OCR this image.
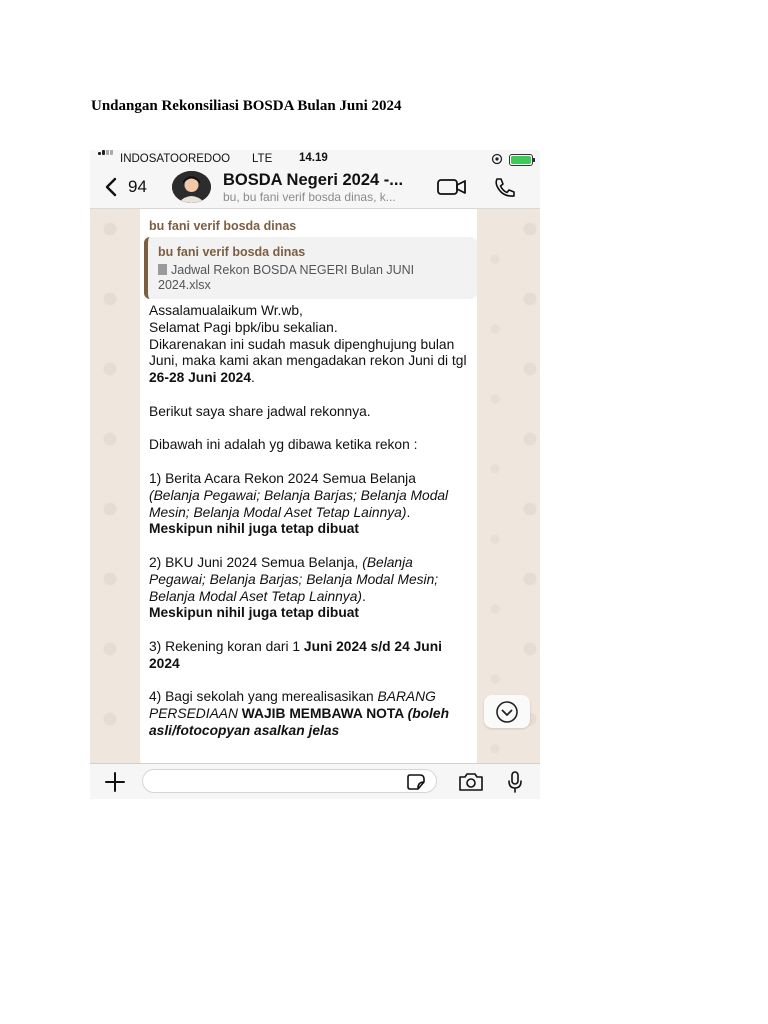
Undangan Rekonsiliasi BOSDA Bulan Juni 2024
INDOSATOOREDOO LTE 14.19
94	BOSDA Negeri 2024 -...
bu, bu fani verif bosda dinas, k...
bu fani verif bosda dinas
bu fani verif bosda dinas
Jadwal Rekon BOSDA NEGERI Bulan JUNI 2024.xlsx

Assalamualaikum Wr.wb,

Selamat Pagi bpk/ibu sekalian.

Dikarenakan ini sudah masuk dipenghujung bulan Juni, maka kami akan mengadakan rekon Juni di tgl 26-28 Juni 2024.

Berikut saya share jadwal rekonnya.

Dibawah ini adalah yg dibawa ketika rekon :

1) Berita Acara Rekon 2024 Semua Belanja (Belanja Pegawai; Belanja Barjas; Belanja Modal Mesin; Belanja Modal Aset Tetap Lainnya).

Meskipun nihil juga tetap dibuat

2) BKU Juni 2024 Semua Belanja, (Belanja Pegawai; Belanja Barjas; Belanja Modal Mesin; Belanja Modal Aset Tetap Lainnya).

Meskipun nihil juga tetap dibuat

3) Rekening koran dari 1 Juni 2024 s/d 24 Juni 2024

4) Bagi sekolah yang merealisasikan BARANG PERSEDIAAN WAJIB MEMBAWA NOTA (boleh asli/fotocopyan asalkan jelas
